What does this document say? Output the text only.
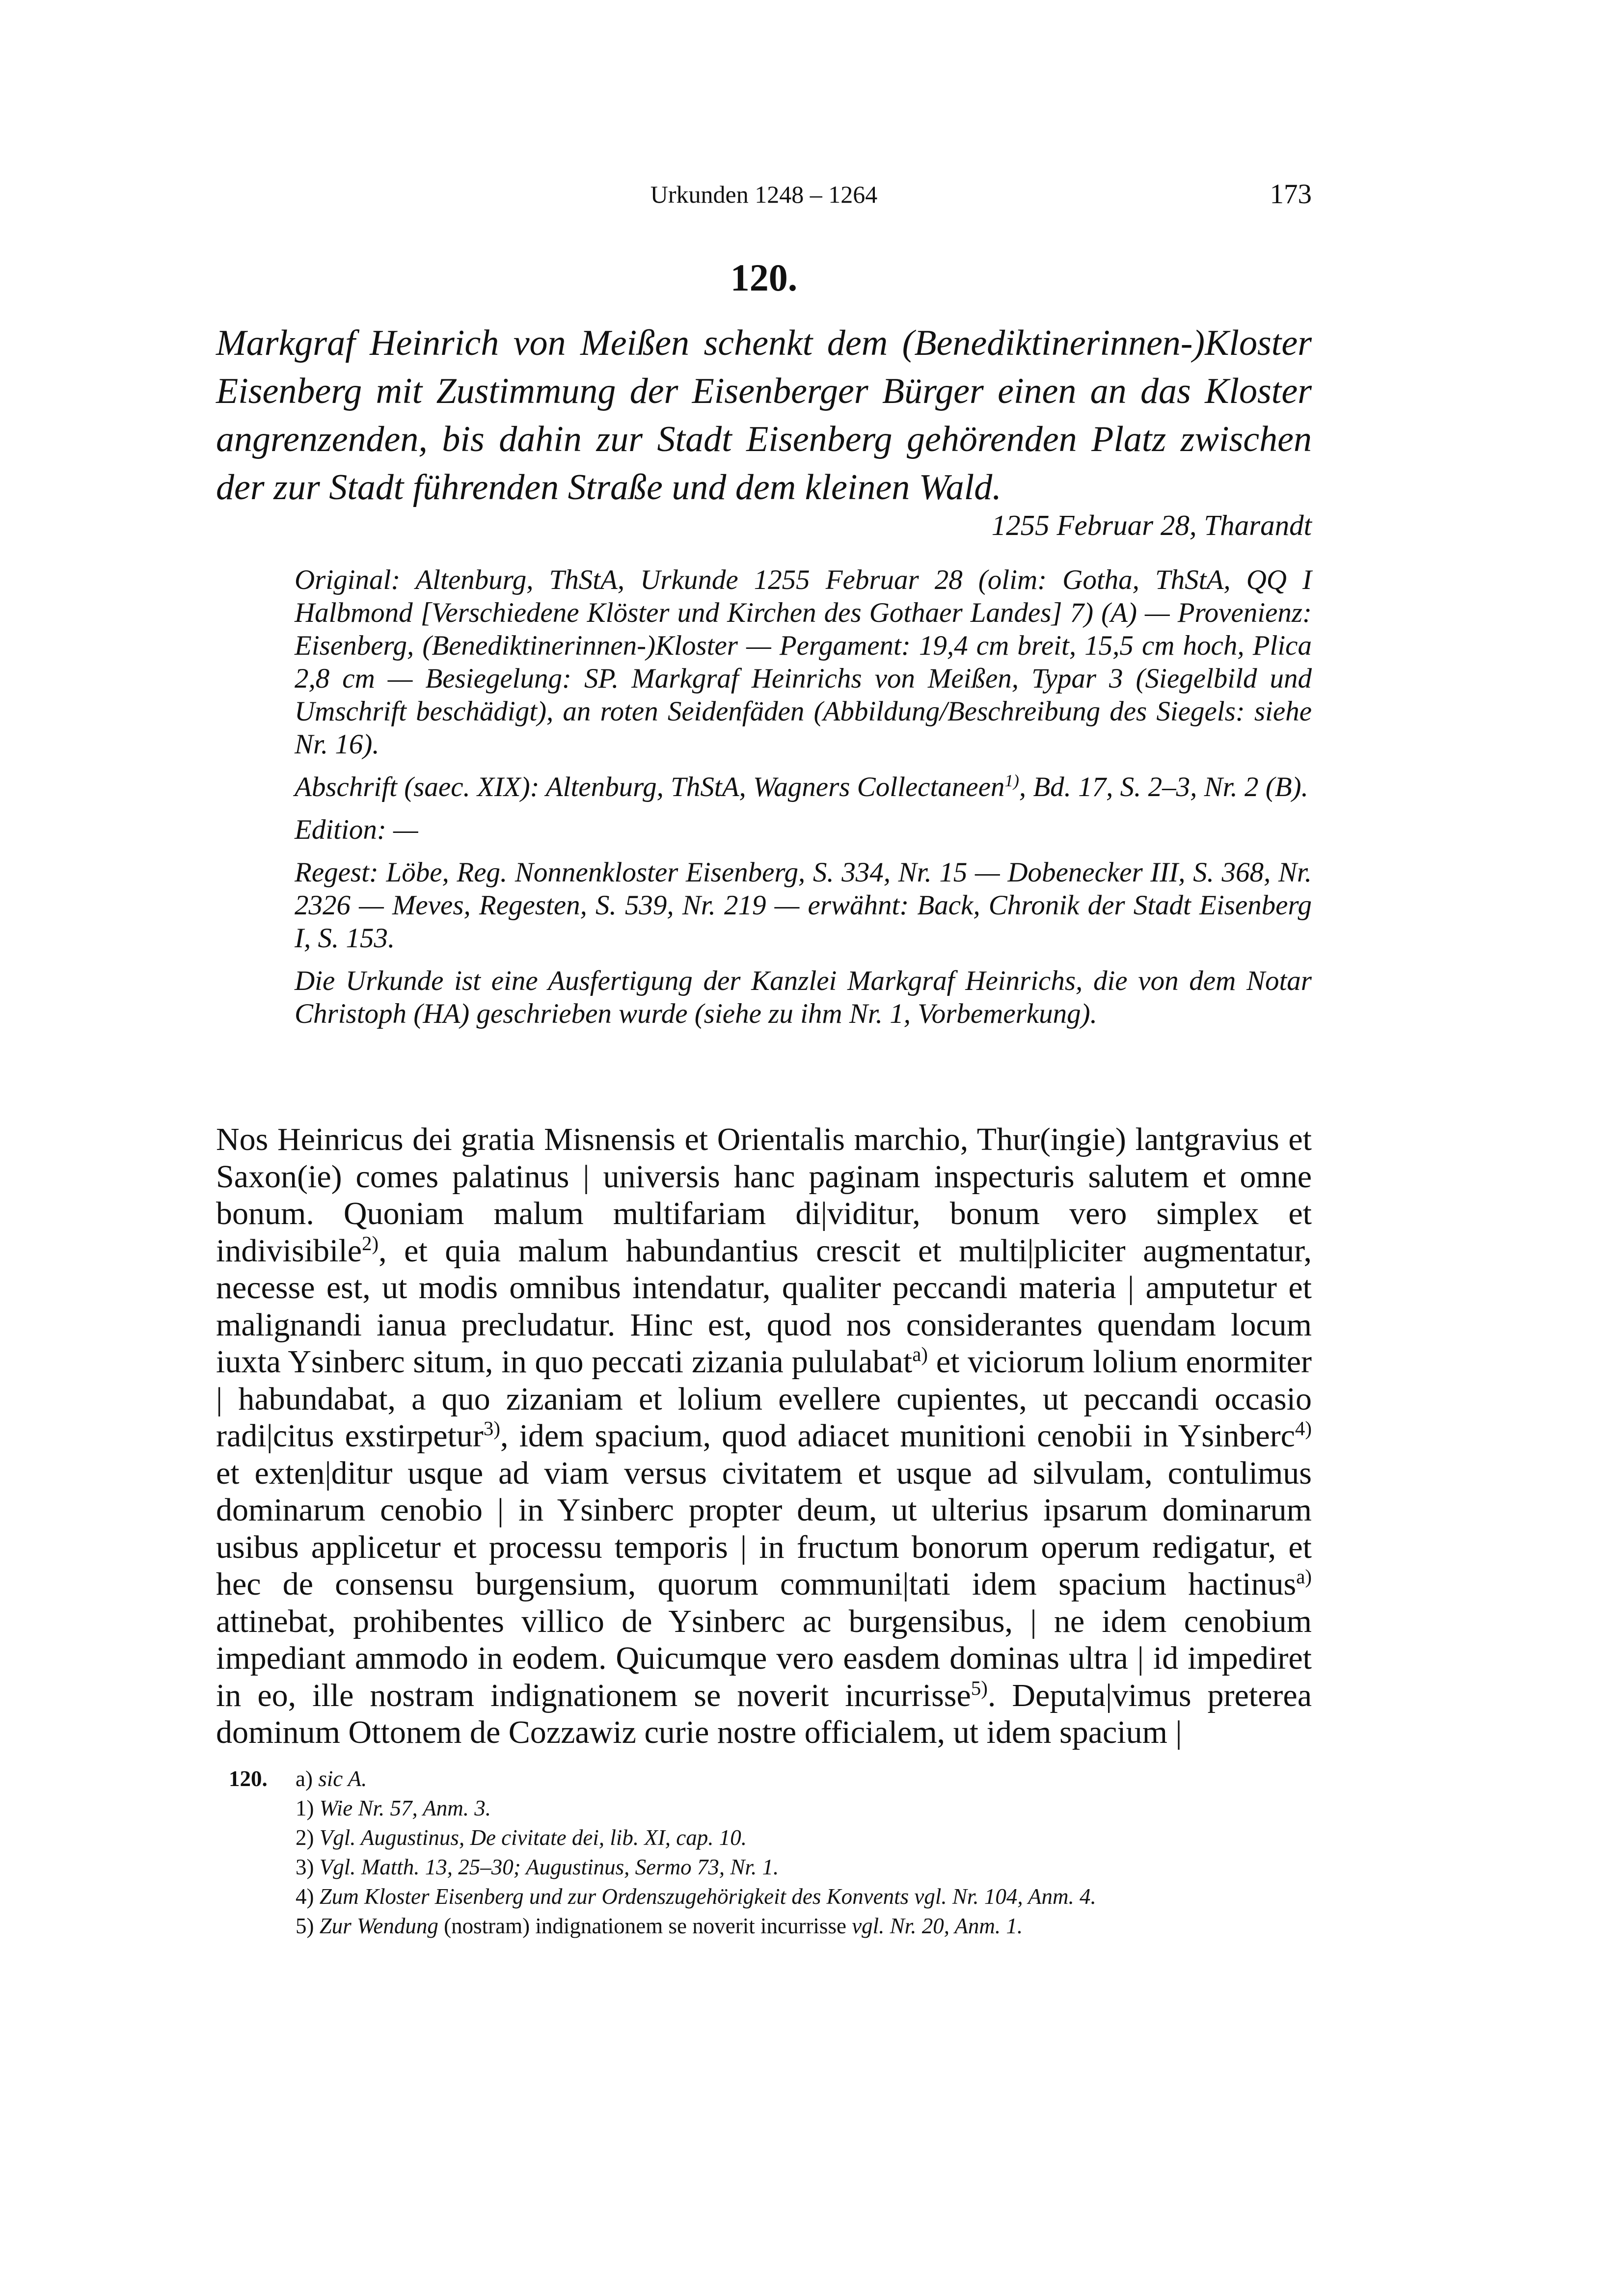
Urkunden 1248 – 1264	173
120.

Markgraf Heinrich von Meißen schenkt dem (Benediktinerinnen-)Kloster Eisenberg mit Zustimmung der Eisenberger Bürger einen an das Kloster angrenzenden, bis dahin zur Stadt Eisenberg gehörenden Platz zwischen der zur Stadt führenden Straße und dem kleinen Wald.

1255 Februar 28, Tharandt

Original: Altenburg, ThStA, Urkunde 1255 Februar 28 (olim: Gotha, ThStA, QQ I Halbmond [Verschiedene Klöster und Kirchen des Gothaer Landes] 7) (A) — Provenienz: Eisenberg, (Benediktinerinnen-)Kloster — Pergament: 19,4 cm breit, 15,5 cm hoch, Plica 2,8 cm — Besiegelung: SP. Markgraf Heinrichs von Meißen, Typar 3 (Siegelbild und Umschrift beschädigt), an roten Seidenfäden (Abbildung/Beschreibung des Siegels: siehe Nr. 16).

Abschrift (saec. XIX): Altenburg, ThStA, Wagners Collectaneen$^{1)}$, Bd. 17, S. 2–3, Nr. 2 (B).

Edition: —

Regest: Löbe, Reg. Nonnenkloster Eisenberg, S. 334, Nr. 15 — Dobenecker III, S. 368, Nr. 2326 — Meves, Regesten, S. 539, Nr. 219 — erwähnt: Back, Chronik der Stadt Eisenberg I, S. 153.

Die Urkunde ist eine Ausfertigung der Kanzlei Markgraf Heinrichs, die von dem Notar Christoph (HA) geschrieben wurde (siehe zu ihm Nr. 1, Vorbemerkung).

Nos Heinricus dei gratia Misnensis et Orientalis marchio, Thur(ingie) lantgravius et Saxon(ie) comes palatinus | universis hanc paginam inspecturis salutem et omne bonum. Quoniam malum multifariam di|viditur, bonum vero simplex et indivisibile$^{2)}$, et quia malum habundantius crescit et multi|pliciter augmentatur, necesse est, ut modis omnibus intendatur, qualiter peccandi materia | amputetur et malignandi ianua precludatur. Hinc est, quod nos considerantes quendam locum iuxta Ysinberc situm, in quo peccati zizania pululabat$^{a)}$ et viciorum lolium enormiter | habundabat, a quo zizaniam et lolium evellere cupientes, ut peccandi occasio radi|citus exstirpetur$^{3)}$, idem spacium, quod adiacet munitioni cenobii in Ysinberc$^{4)}$ et exten|ditur usque ad viam versus civitatem et usque ad silvulam, contulimus dominarum cenobio | in Ysinberc propter deum, ut ulterius ipsarum dominarum usibus applicetur et processu temporis | in fructum bonorum operum redigatur, et hec de consensu burgensium, quorum communi|tati idem spacium hactinus$^{a)}$ attinebat, prohibentes villico de Ysinberc ac burgensibus, | ne idem cenobium impediant ammodo in eodem. Quicumque vero easdem dominas ultra | id impediret in eo, ille nostram indignationem se noverit incurrisse$^{5)}$. Deputa|vimus preterea dominum Ottonem de Cozzawiz curie nostre officialem, ut idem spacium |

120. a) sic A.
1) Wie Nr. 57, Anm. 3.
2) Vgl. Augustinus, De civitate dei, lib. XI, cap. 10.
3) Vgl. Matth. 13, 25–30; Augustinus, Sermo 73, Nr. 1.
4) Zum Kloster Eisenberg und zur Ordenszugehörigkeit des Konvents vgl. Nr. 104, Anm. 4.
5) Zur Wendung (nostram) indignationem se noverit incurrisse vgl. Nr. 20, Anm. 1.
